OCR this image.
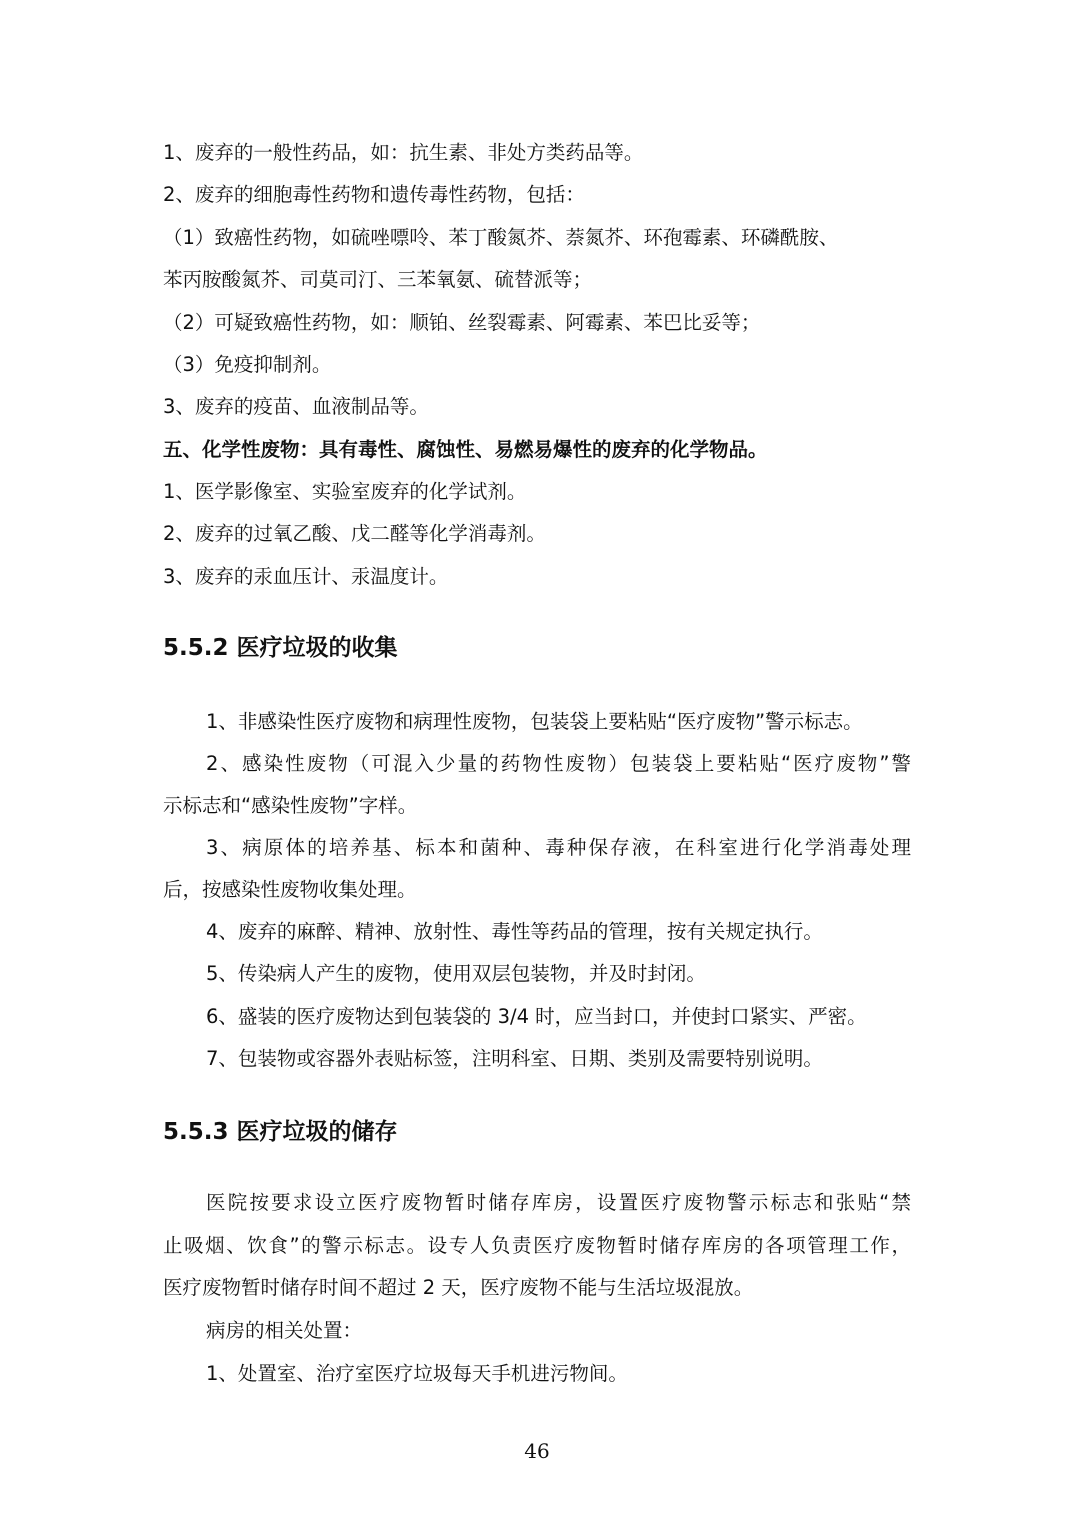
1、废弃的一般性药品，如：抗生素、非处方类药品等。
2、废弃的细胞毒性药物和遗传毒性药物，包括：
（1）致癌性药物，如硫唑嘌呤、苯丁酸氮芥、萘氮芥、环孢霉素、环磷酰胺、
苯丙胺酸氮芥、司莫司汀、三苯氧氨、硫替派等；
（2）可疑致癌性药物，如：顺铂、丝裂霉素、阿霉素、苯巴比妥等；
（3）免疫抑制剂。
3、废弃的疫苗、血液制品等。
五、化学性废物：具有毒性、腐蚀性、易燃易爆性的废弃的化学物品。
1、医学影像室、实验室废弃的化学试剂。
2、废弃的过氧乙酸、戊二醛等化学消毒剂。
3、废弃的汞血压计、汞温度计。
5.5.2 医疗垃圾的收集
1、非感染性医疗废物和病理性废物，包装袋上要粘贴“医疗废物”警示标志。
2、感染性废物（可混入少量的药物性废物）包装袋上要粘贴“医疗废物”警
示标志和“感染性废物”字样。
3、病原体的培养基、标本和菌种、毒种保存液，在科室进行化学消毒处理
后，按感染性废物收集处理。
4、废弃的麻醉、精神、放射性、毒性等药品的管理，按有关规定执行。
5、传染病人产生的废物，使用双层包装物，并及时封闭。
6、盛装的医疗废物达到包装袋的 3/4 时，应当封口，并使封口紧实、严密。
7、包装物或容器外表贴标签，注明科室、日期、类别及需要特别说明。
5.5.3 医疗垃圾的储存
医院按要求设立医疗废物暂时储存库房，设置医疗废物警示标志和张贴“禁
止吸烟、饮食”的警示标志。设专人负责医疗废物暂时储存库房的各项管理工作，
医疗废物暂时储存时间不超过 2 天，医疗废物不能与生活垃圾混放。
病房的相关处置：
1、处置室、治疗室医疗垃圾每天手机进污物间。
46
